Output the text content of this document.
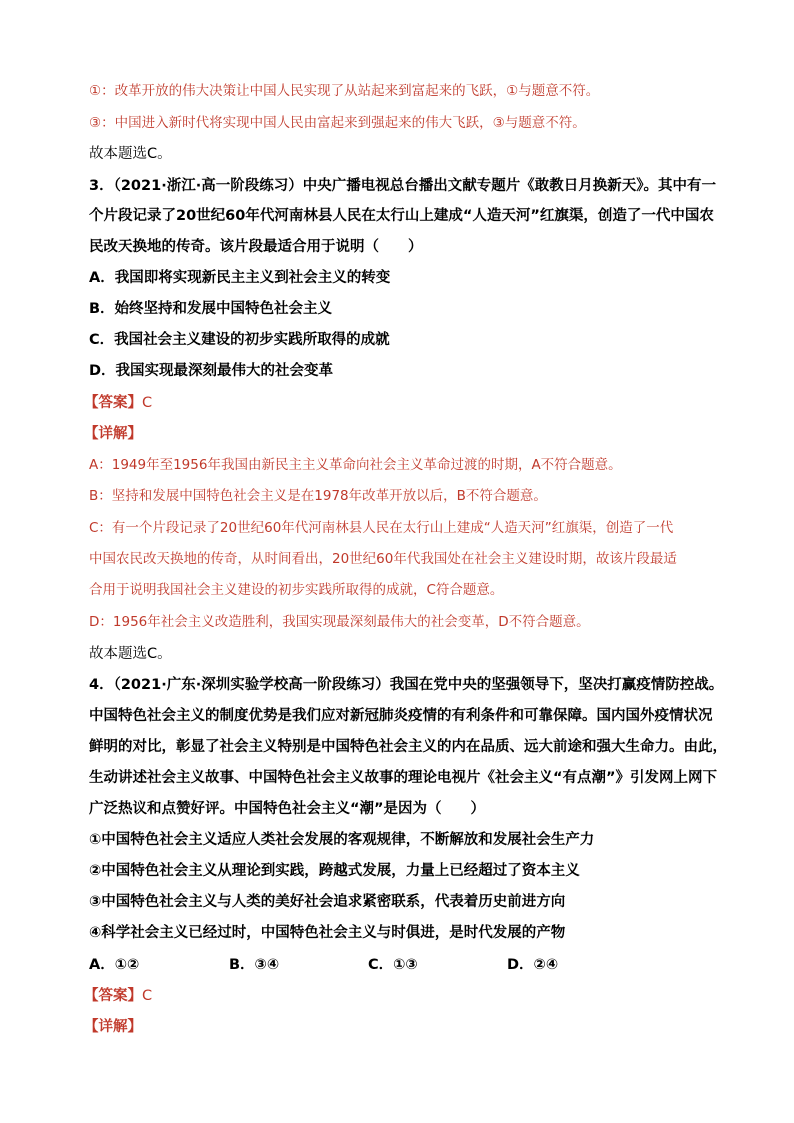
①：改革开放的伟大决策让中国人民实现了从站起来到富起来的飞跃，①与题意不符。
③：中国进入新时代将实现中国人民由富起来到强起来的伟大飞跃，③与题意不符。
故本题选C。
3．（2021·浙江·高一阶段练习）中央广播电视总台播出文献专题片《敢教日月换新天》。其中有一
个片段记录了20世纪60年代河南林县人民在太行山上建成“人造天河”红旗渠，创造了一代中国农
民改天换地的传奇。该片段最适合用于说明（　　）
A．我国即将实现新民主主义到社会主义的转变
B．始终坚持和发展中国特色社会主义
C．我国社会主义建设的初步实践所取得的成就
D．我国实现最深刻最伟大的社会变革
【答案】C
【详解】
A：1949年至1956年我国由新民主主义革命向社会主义革命过渡的时期，A不符合题意。
B：坚持和发展中国特色社会主义是在1978年改革开放以后，B不符合题意。
C：有一个片段记录了20世纪60年代河南林县人民在太行山上建成“人造天河”红旗渠，创造了一代
中国农民改天换地的传奇，从时间看出，20世纪60年代我国处在社会主义建设时期，故该片段最适
合用于说明我国社会主义建设的初步实践所取得的成就，C符合题意。
D：1956年社会主义改造胜利，我国实现最深刻最伟大的社会变革，D不符合题意。
故本题选C。
4．（2021·广东·深圳实验学校高一阶段练习）我国在党中央的坚强领导下，坚决打赢疫情防控战。
中国特色社会主义的制度优势是我们应对新冠肺炎疫情的有利条件和可靠保障。国内国外疫情状况
鲜明的对比，彰显了社会主义特别是中国特色社会主义的内在品质、远大前途和强大生命力。由此，
生动讲述社会主义故事、中国特色社会主义故事的理论电视片《社会主义“有点潮”》引发网上网下
广泛热议和点赞好评。中国特色社会主义“潮”是因为（　　）
①中国特色社会主义适应人类社会发展的客观规律，不断解放和发展社会生产力
②中国特色社会主义从理论到实践，跨越式发展，力量上已经超过了资本主义
③中国特色社会主义与人类的美好社会追求紧密联系，代表着历史前进方向
④科学社会主义已经过时，中国特色社会主义与时俱进，是时代发展的产物
A．①②	B．③④	C．①③	D．②④
【答案】C
【详解】
